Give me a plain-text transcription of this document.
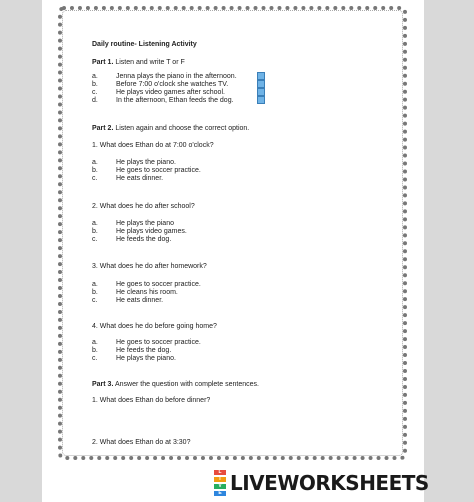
Daily routine- Listening Activity
Part 1. Listen and write T or F
a.	Jenna plays the piano in the afternoon.
b.	Before 7:00 o'clock she watches TV.
c.	He plays video games after school.
d.	In the afternoon, Ethan feeds the dog.
Part 2. Listen again and choose the correct option.
1. What does Ethan do at 7:00 o'clock?
a.	He plays the piano.
b.	He goes to soccer practice.
c.	He eats dinner.
2. What does he do after school?
a.	He plays the piano
b.	He plays video games.
c.	He feeds the dog.
3. What does he do after homework?
a.	He goes to soccer practice.
b.	He cleans his room.
c.	He eats dinner.
4. What does he do before going home?
a.	He goes to soccer practice.
b.	He feeds the dog.
c.	He plays the piano.
Part 3. Answer the question with complete sentences.
1. What does Ethan do before dinner?
2. What does Ethan do at 3:30?
L
I
V
E LIVEWORKSHEETS
